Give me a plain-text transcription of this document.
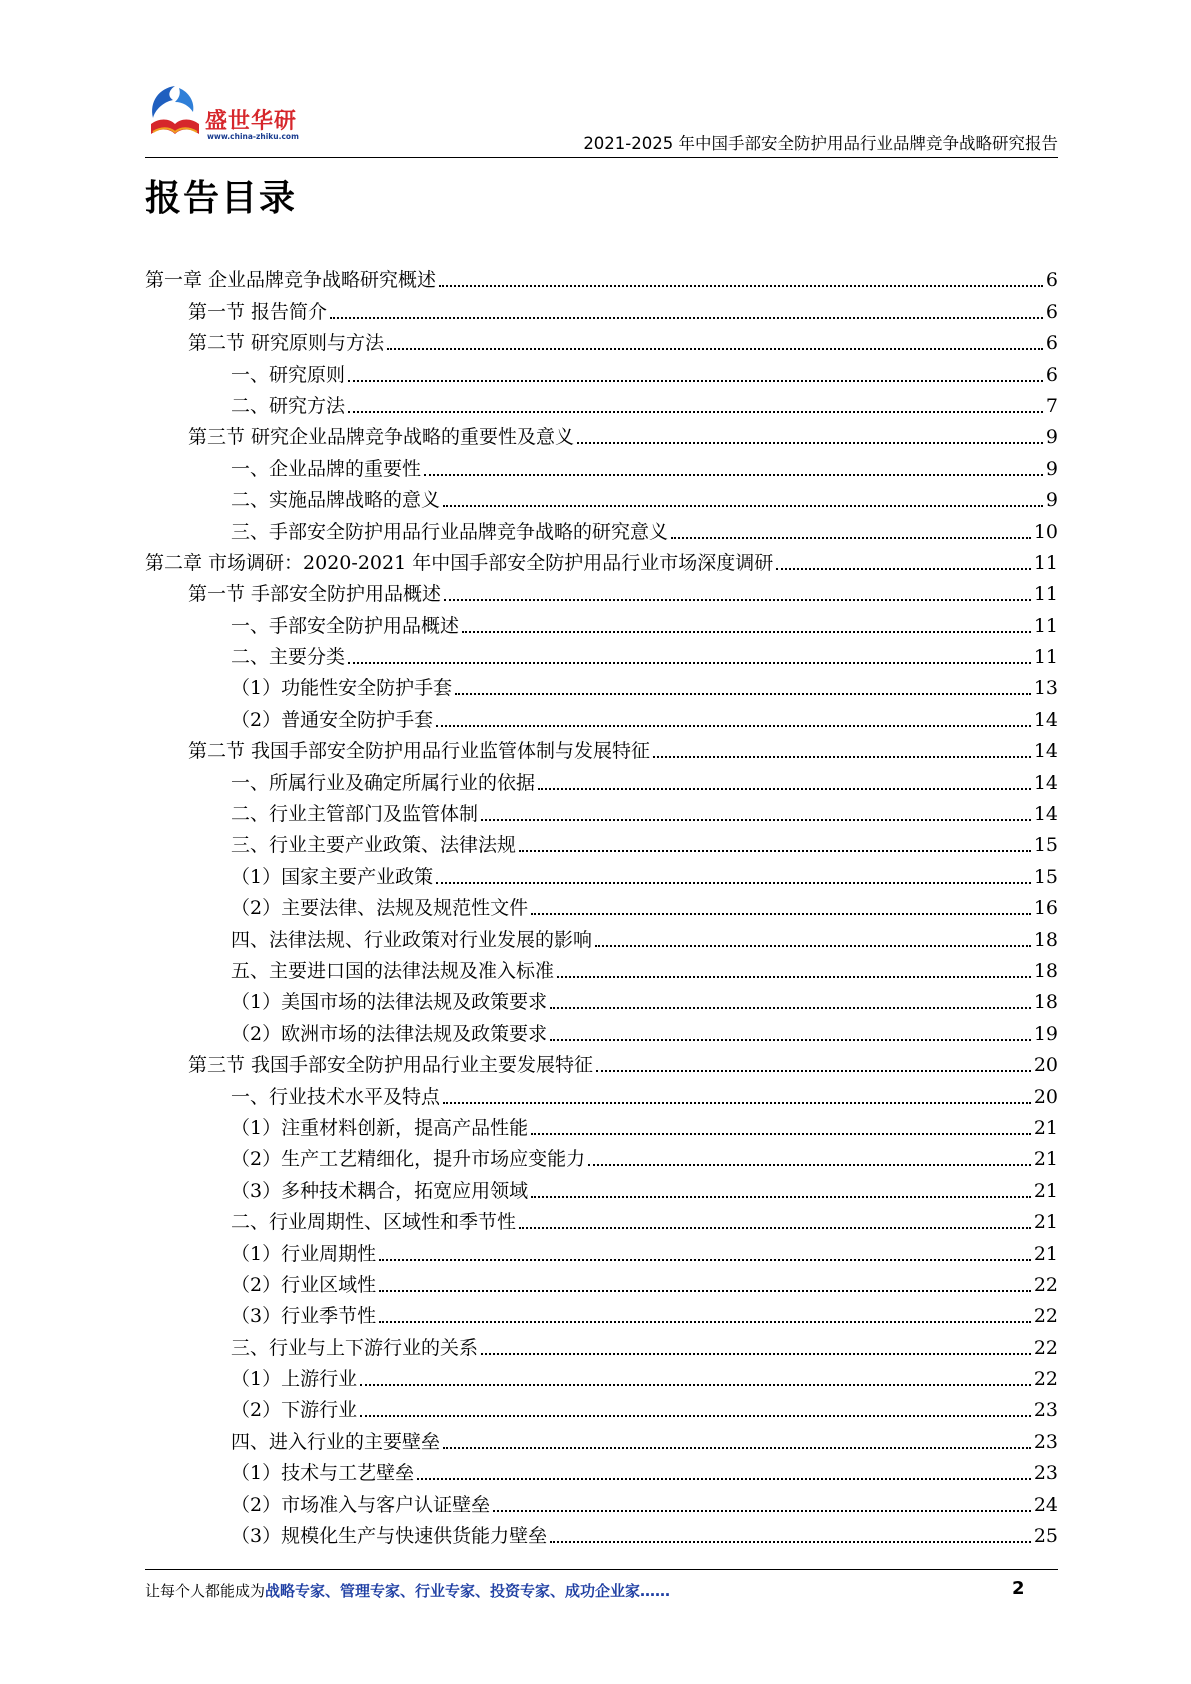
盛世华研
www.china-zhiku.com	2021-2025 年中国手部安全防护用品行业品牌竞争战略研究报告
报告目录
第一章 企业品牌竞争战略研究概述	6
第一节 报告简介	6
第二节 研究原则与方法	6
一、研究原则	6
二、研究方法	7
第三节 研究企业品牌竞争战略的重要性及意义	9
一、企业品牌的重要性	9
二、实施品牌战略的意义	9
三、手部安全防护用品行业品牌竞争战略的研究意义	10
第二章 市场调研：2020-2021 年中国手部安全防护用品行业市场深度调研	11
第一节 手部安全防护用品概述	11
一、手部安全防护用品概述	11
二、主要分类	11
（1）功能性安全防护手套	13
（2）普通安全防护手套	14
第二节 我国手部安全防护用品行业监管体制与发展特征	14
一、所属行业及确定所属行业的依据	14
二、行业主管部门及监管体制	14
三、行业主要产业政策、法律法规	15
（1）国家主要产业政策	15
（2）主要法律、法规及规范性文件	16
四、法律法规、行业政策对行业发展的影响	18
五、主要进口国的法律法规及准入标准	18
（1）美国市场的法律法规及政策要求	18
（2）欧洲市场的法律法规及政策要求	19
第三节 我国手部安全防护用品行业主要发展特征	20
一、行业技术水平及特点	20
（1）注重材料创新，提高产品性能	21
（2）生产工艺精细化，提升市场应变能力	21
（3）多种技术耦合，拓宽应用领域	21
二、行业周期性、区域性和季节性	21
（1）行业周期性	21
（2）行业区域性	22
（3）行业季节性	22
三、行业与上下游行业的关系	22
（1）上游行业	22
（2）下游行业	23
四、进入行业的主要壁垒	23
（1）技术与工艺壁垒	23
（2）市场准入与客户认证壁垒	24
（3）规模化生产与快速供货能力壁垒	25
让每个人都能成为战略专家、管理专家、行业专家、投资专家、成功企业家……	2
